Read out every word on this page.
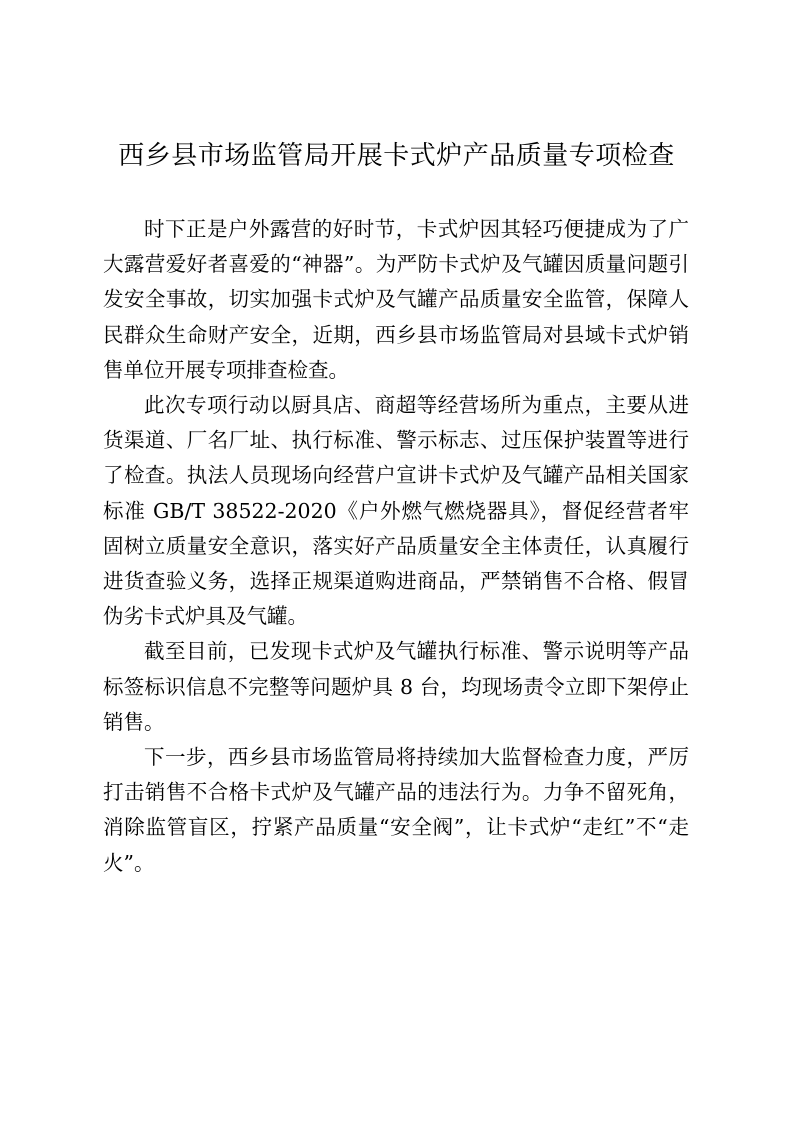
西乡县市场监管局开展卡式炉产品质量专项检查

时下正是户外露营的好时节，卡式炉因其轻巧便捷成为了广大露营爱好者喜爱的“神器”。为严防卡式炉及气罐因质量问题引发安全事故，切实加强卡式炉及气罐产品质量安全监管，保障人民群众生命财产安全，近期，西乡县市场监管局对县域卡式炉销售单位开展专项排查检查。

此次专项行动以厨具店、商超等经营场所为重点，主要从进货渠道、厂名厂址、执行标准、警示标志、过压保护装置等进行了检查。执法人员现场向经营户宣讲卡式炉及气罐产品相关国家标准 GB/T 38522-2020《户外燃气燃烧器具》，督促经营者牢固树立质量安全意识，落实好产品质量安全主体责任，认真履行进货查验义务，选择正规渠道购进商品，严禁销售不合格、假冒伪劣卡式炉具及气罐。

截至目前，已发现卡式炉及气罐执行标准、警示说明等产品标签标识信息不完整等问题炉具 8 台，均现场责令立即下架停止销售。

下一步，西乡县市场监管局将持续加大监督检查力度，严厉打击销售不合格卡式炉及气罐产品的违法行为。力争不留死角，消除监管盲区，拧紧产品质量“安全阀”，让卡式炉“走红”不“走火”。
